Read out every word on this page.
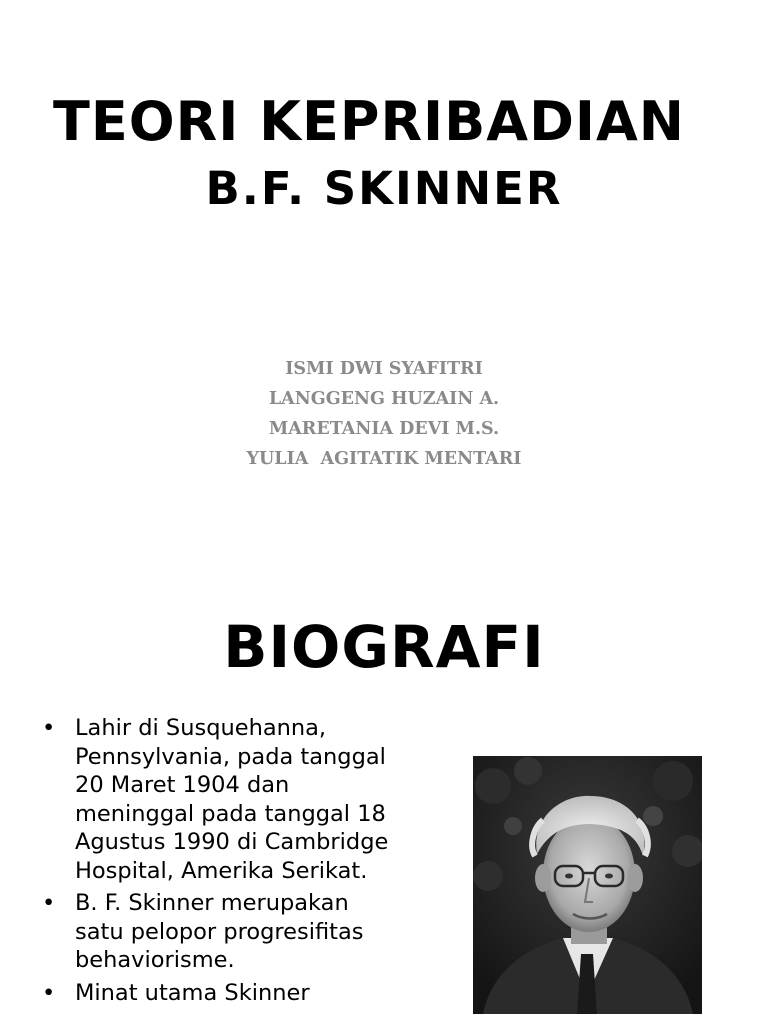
TEORI KEPRIBADIAN
B.F. SKINNER
ISMI DWI SYAFITRI
LANGGENG HUZAIN A.
MARETANIA DEVI M.S.
YULIA  AGITATIK MENTARI
BIOGRAFI
• Lahir di Susquehanna, Pennsylvania, pada tanggal 20 Maret 1904 dan meninggal pada tanggal 18 Agustus 1990 di Cambridge Hospital, Amerika Serikat.
• B. F. Skinner merupakan satu pelopor progresifitas behaviorisme.
• Minat utama Skinner
